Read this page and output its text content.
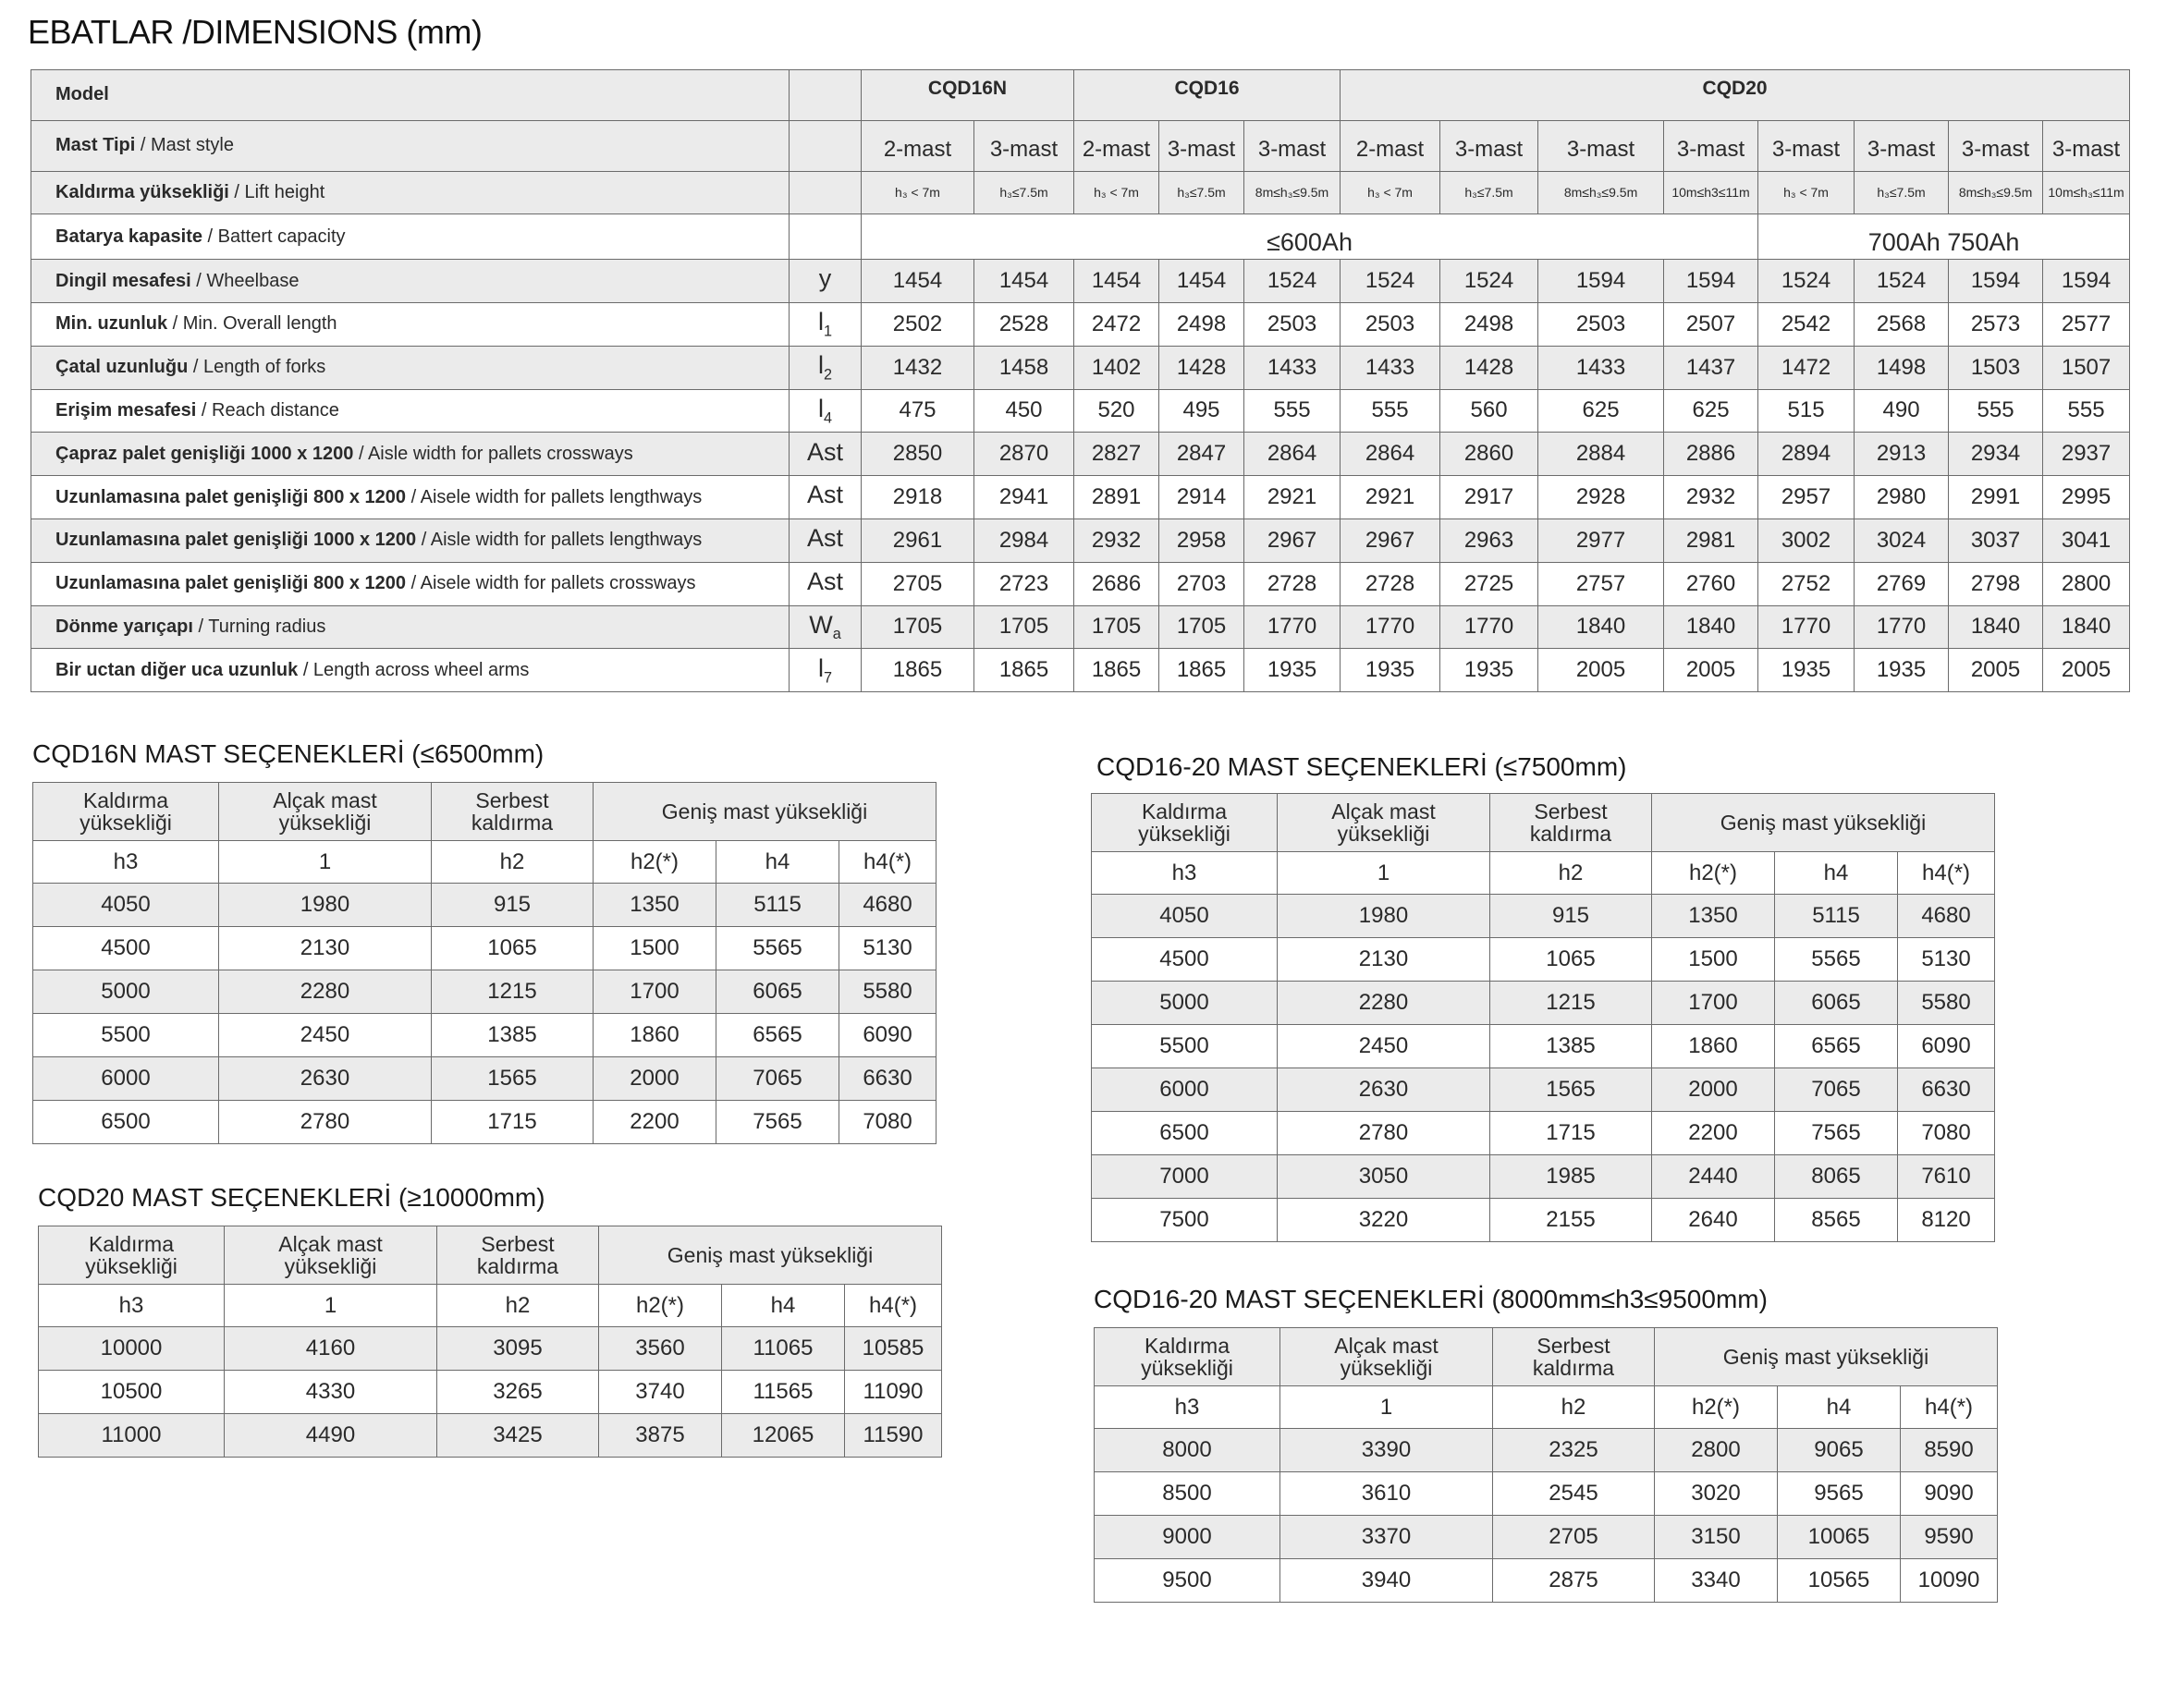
EBATLAR /DIMENSIONS (mm)
Model		CQD16N		CQD16			CQD20							
Mast Tipi / Mast style		2-mast	3-mast	2-mast	3-mast	3-mast	2-mast	3-mast	3-mast	3-mast	3-mast	3-mast	3-mast	3-mast
Kaldırma yüksekliği / Lift height		h₃ < 7m	h₃≤7.5m	h₃ < 7m	h₃≤7.5m	8m≤h₃≤9.5m	h₃ < 7m	h₃≤7.5m	8m≤h₃≤9.5m	10m≤h3≤11m	h₃ < 7m	h₃≤7.5m	8m≤h₃≤9.5m	10m≤h₃≤11m
Batarya kapasite / Battert capacity		≤600Ah									700Ah 750Ah			
Dingil mesafesi / Wheelbase	y	1454	1454	1454	1454	1524	1524	1524	1594	1594	1524	1524	1594	1594
Min. uzunluk / Min. Overall length	$l_1$	2502	2528	2472	2498	2503	2503	2498	2503	2507	2542	2568	2573	2577
Çatal uzunluğu / Length of forks	$l_2$	1432	1458	1402	1428	1433	1433	1428	1433	1437	1472	1498	1503	1507
Erişim mesafesi / Reach distance	$l_4$	475	450	520	495	555	555	560	625	625	515	490	555	555
Çapraz palet genişliği 1000 x 1200 / Aisle width for pallets crossways	Ast	2850	2870	2827	2847	2864	2864	2860	2884	2886	2894	2913	2934	2937
Uzunlamasına palet genişliği 800 x 1200 / Aisele width for pallets lengthways	Ast	2918	2941	2891	2914	2921	2921	2917	2928	2932	2957	2980	2991	2995
Uzunlamasına palet genişliği 1000 x 1200 / Aisle width for pallets lengthways	Ast	2961	2984	2932	2958	2967	2967	2963	2977	2981	3002	3024	3037	3041
Uzunlamasına palet genişliği 800 x 1200 / Aisele width for pallets crossways	Ast	2705	2723	2686	2703	2728	2728	2725	2757	2760	2752	2769	2798	2800
Dönme yarıçapı / Turning radius	$W_a$	1705	1705	1705	1705	1770	1770	1770	1840	1840	1770	1770	1840	1840
Bir uctan diğer uca uzunluk / Length across wheel arms	$l_7$	1865	1865	1865	1865	1935	1935	1935	2005	2005	1935	1935	2005	2005
CQD16N MAST SEÇENEKLERİ (≤6500mm)
CQD20 MAST SEÇENEKLERİ (≥10000mm)
CQD16-20 MAST SEÇENEKLERİ (≤7500mm)
CQD16-20 MAST SEÇENEKLERİ (8000mm≤h3≤9500mm)
Kaldırma yüksekliği	Alçak mast yüksekliği	Serbest kaldırma	Geniş mast yüksekliği		
h3	1	h2	h2(*)	h4	h4(*)
4050	1980	915	1350	5115	4680
4500	2130	1065	1500	5565	5130
5000	2280	1215	1700	6065	5580
5500	2450	1385	1860	6565	6090
6000	2630	1565	2000	7065	6630
6500	2780	1715	2200	7565	7080
Kaldırma yüksekliği	Alçak mast yüksekliği	Serbest kaldırma	Geniş mast yüksekliği		
h3	1	h2	h2(*)	h4	h4(*)
10000	4160	3095	3560	11065	10585
10500	4330	3265	3740	11565	11090
11000	4490	3425	3875	12065	11590
Kaldırma yüksekliği	Alçak mast yüksekliği	Serbest kaldırma	Geniş mast yüksekliği		
h3	1	h2	h2(*)	h4	h4(*)
4050	1980	915	1350	5115	4680
4500	2130	1065	1500	5565	5130
5000	2280	1215	1700	6065	5580
5500	2450	1385	1860	6565	6090
6000	2630	1565	2000	7065	6630
6500	2780	1715	2200	7565	7080
7000	3050	1985	2440	8065	7610
7500	3220	2155	2640	8565	8120
Kaldırma yüksekliği	Alçak mast yüksekliği	Serbest kaldırma	Geniş mast yüksekliği		
h3	1	h2	h2(*)	h4	h4(*)
8000	3390	2325	2800	9065	8590
8500	3610	2545	3020	9565	9090
9000	3370	2705	3150	10065	9590
9500	3940	2875	3340	10565	10090
